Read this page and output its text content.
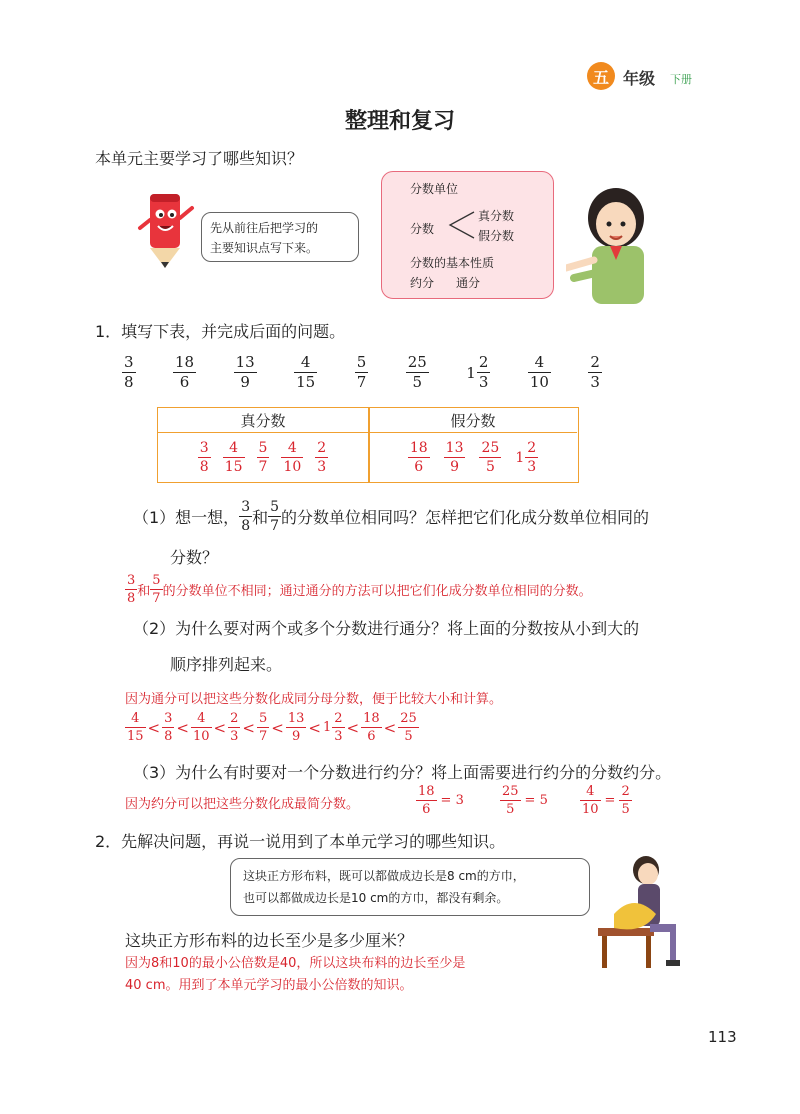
五 年级 下册
整理和复习
本单元主要学习了哪些知识？
先从前往后把学习的
主要知识点写下来。
分数单位
分数
真分数
假分数
分数的基本性质
约分 通分
1．填写下表，并完成后面的问题。
$\frac{3}{8} \frac{18}{6} \frac{13}{9} \frac{4}{15} \frac{5}{7} \frac{25}{5} 1 \frac{2}{3} \frac{4}{10} \frac{2}{3}$
真分数	假分数
$\frac{3}{8} \frac{4}{15} \frac{5}{7} \frac{4}{10} \frac{2}{3}$	$\frac{18}{6} \frac{13}{9} \frac{25}{5} 1 \frac{2}{3}$
（1）想一想， $\frac{3}{8}$ 和 $\frac{5}{7}$ 的分数单位相同吗？怎样把它们化成分数单位相同的
分数？
$\frac{3}{8}$ 和 $\frac{5}{7}$ 的分数单位不相同；通过通分的方法可以把它们化成分数单位相同的分数。
（2）为什么要对两个或多个分数进行通分？将上面的分数按从小到大的
顺序排列起来。
因为通分可以把这些分数化成同分母分数，便于比较大小和计算。
$\frac{4}{15} < \frac{3}{8} < \frac{4}{10} < \frac{2}{3} < \frac{5}{7} < \frac{13}{9} < 1 \frac{2}{3} < \frac{18}{6} < \frac{25}{5}$
（3）为什么有时要对一个分数进行约分？将上面需要进行约分的分数约分。
因为约分可以把这些分数化成最简分数。	$\frac{18}{6} = 3$	$\frac{25}{5} = 5 \frac{4}{10} = \frac{2}{5}$
2．先解决问题，再说一说用到了本单元学习的哪些知识。
这块正方形布料，既可以都做成边长是8 cm的方巾，
也可以都做成边长是10 cm的方巾，都没有剩余。
这块正方形布料的边长至少是多少厘米？
因为8和10的最小公倍数是40，所以这块布料的边长至少是
40 cm。用到了本单元学习的最小公倍数的知识。
113
